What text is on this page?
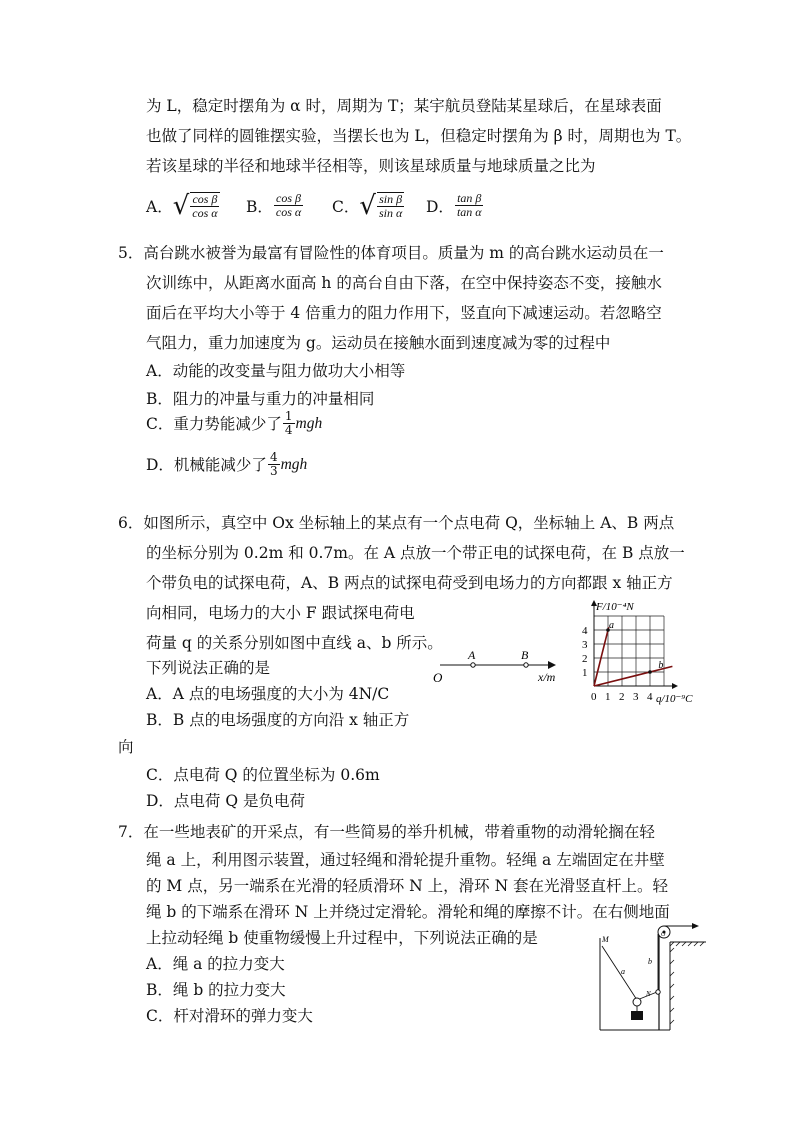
为 L，稳定时摆角为 α 时，周期为 T；某宇航员登陆某星球后，在星球表面
也做了同样的圆锥摆实验，当摆长也为 L，但稳定时摆角为 β 时，周期也为 T。
若该星球的半径和地球半径相等，则该星球质量与地球质量之比为
A． √ $\frac{\text{cos β}}{\text{cos α}}$ B． $\frac{\text{cos β}}{\text{cos α}}$ C． √ $\frac{\text{sin β}}{\text{sin α}}$ D． $\frac{\text{tan β}}{\text{tan α}}$
5．高台跳水被誉为最富有冒险性的体育项目。质量为 m 的高台跳水运动员在一
次训练中，从距离水面高 h 的高台自由下落，在空中保持姿态不变，接触水
面后在平均大小等于 4 倍重力的阻力作用下，竖直向下减速运动。若忽略空
气阻力，重力加速度为 g。运动员在接触水面到速度减为零的过程中
A．动能的改变量与阻力做功大小相等
B．阻力的冲量与重力的冲量相同
C．重力势能减少了 $\frac{1}{4}$ mgh
D．机械能减少了 $\frac{4}{3}$ mgh
6．如图所示，真空中 Ox 坐标轴上的某点有一个点电荷 Q，坐标轴上 A、B 两点
的坐标分别为 0.2m 和 0.7m。在 A 点放一个带正电的试探电荷，在 B 点放一
个带负电的试探电荷，A、B 两点的试探电荷受到电场力的方向都跟 x 轴正方
向相同，电场力的大小 F 跟试探电荷电
荷量 q 的关系分别如图中直线 a、b 所示。
下列说法正确的是
A．A 点的电场强度的大小为 4N/C
B．B 点的电场强度的方向沿 x 轴正方
向
C．点电荷 Q 的位置坐标为 0.6m
D．点电荷 Q 是负电荷
O
A	B
x/m 1
2
3
4
0 1 2 3 4
F/10⁻⁴N
q/10⁻⁹C
a
b
7．在一些地表矿的开采点，有一些简易的举升机械，带着重物的动滑轮搁在轻
绳 a 上，利用图示装置，通过轻绳和滑轮提升重物。轻绳 a 左端固定在井壁
的 M 点，另一端系在光滑的轻质滑环 N 上，滑环 N 套在光滑竖直杆上。轻
绳 b 的下端系在滑环 N 上并绕过定滑轮。滑轮和绳的摩擦不计。在右侧地面
上拉动轻绳 b 使重物缓慢上升过程中，下列说法正确的是
A．绳 a 的拉力变大
B．绳 b 的拉力变大
C．杆对滑环的弹力变大
M
a
b
N
O
